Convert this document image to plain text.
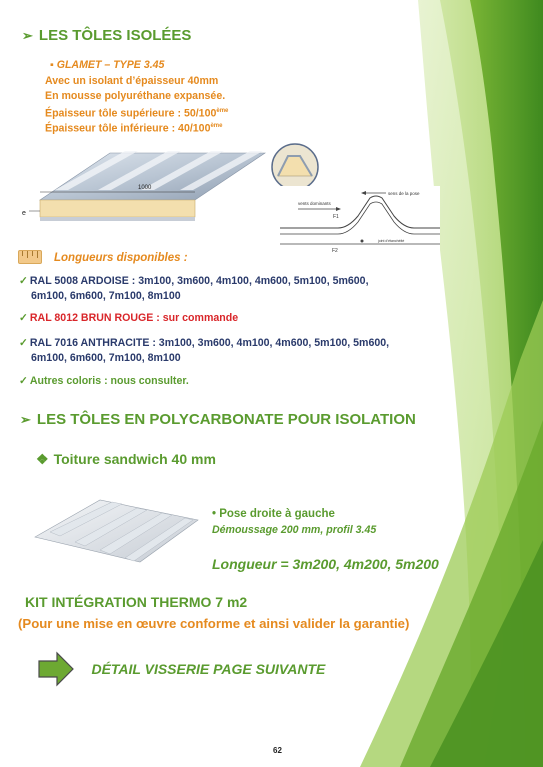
➢ LES TÔLES ISOLÉES
▪ GLAMET – TYPE 3.45
Avec un isolant d’épaisseur 40mm
En mousse polyuréthane expansée.
Épaisseur tôle supérieure : 50/100ème
Épaisseur tôle inférieure : 40/100ème
1000
e
sens de la pose
vents dominants
F1
F2
joint d’étanchéité
Longueurs disponibles :
✓ RAL 5008 ARDOISE : 3m100, 3m600, 4m100, 4m600, 5m100, 5m600,
6m100, 6m600, 7m100, 8m100
✓ RAL 8012 BRUN ROUGE : sur commande
✓ RAL 7016 ANTHRACITE : 3m100, 3m600, 4m100, 4m600, 5m100, 5m600,
6m100, 6m600, 7m100, 8m100
✓ Autres coloris : nous consulter.
➢ LES TÔLES EN POLYCARBONATE POUR ISOLATION
❖ Toiture sandwich 40 mm
• Pose droite à gauche
Démoussage 200 mm, profil 3.45
Longueur = 3m200, 4m200, 5m200
KIT INTÉGRATION THERMO 7 m2
(Pour une mise en œuvre conforme et ainsi valider la garantie)
DÉTAIL VISSERIE PAGE SUIVANTE
62
